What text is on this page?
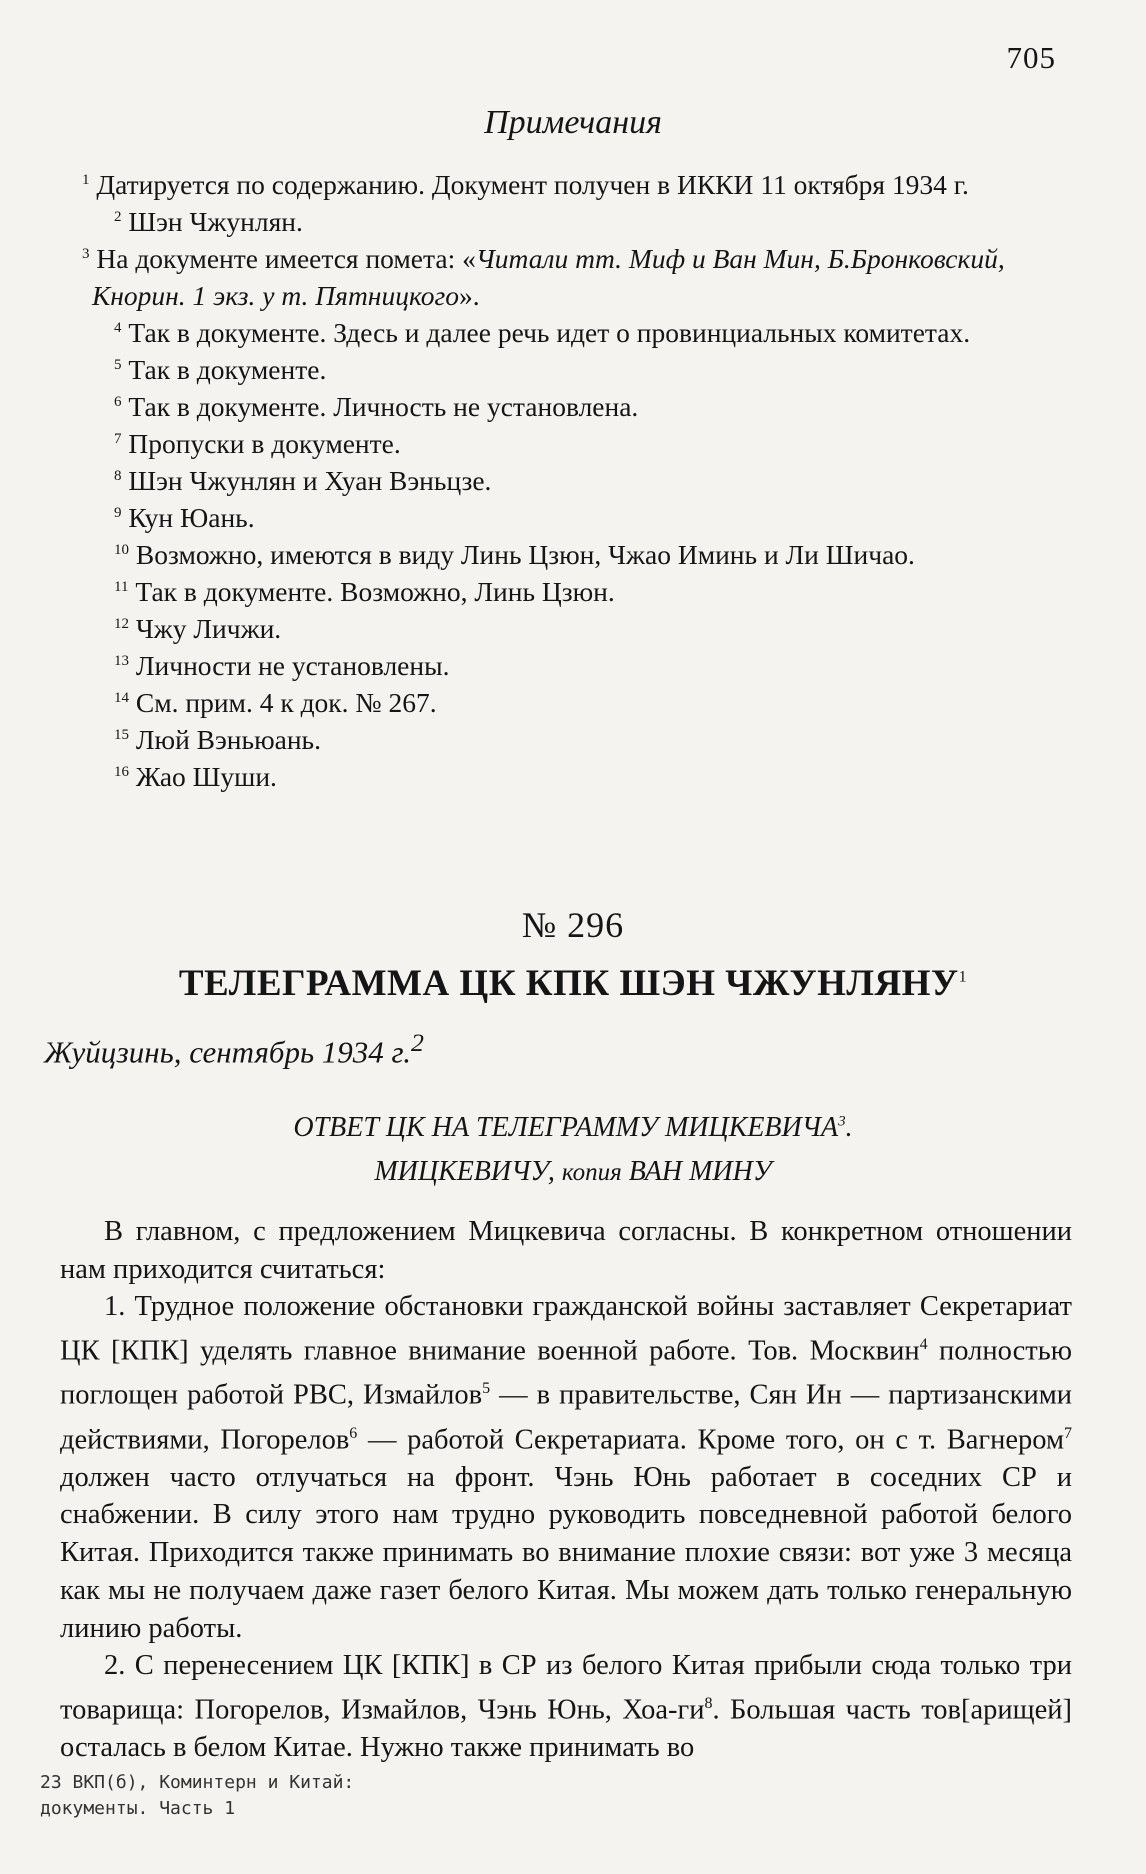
705
Примечания
$^1$ Датируется по содержанию. Документ получен в ИККИ 11 октября 1934 г.
$^2$ Шэн Чжунлян.
$^3$ На документе имеется помета: «Читали тт. Миф и Ван Мин, Б.Бронковский, Кнорин. 1 экз. у т. Пятницкого».
$^4$ Так в документе. Здесь и далее речь идет о провинциальных комитетах.
$^5$ Так в документе.
$^6$ Так в документе. Личность не установлена.
$^7$ Пропуски в документе.
$^8$ Шэн Чжунлян и Хуан Вэньцзе.
$^9$ Кун Юань.
$^{10}$ Возможно, имеются в виду Линь Цзюн, Чжао Иминь и Ли Шичао.
$^{11}$ Так в документе. Возможно, Линь Цзюн.
$^{12}$ Чжу Личжи.
$^{13}$ Личности не установлены.
$^{14}$ См. прим. 4 к док. № 267.
$^{15}$ Люй Вэньюань.
$^{16}$ Жао Шуши.
№ 296
ТЕЛЕГРАММА ЦК КПК ШЭН ЧЖУНЛЯНУ$^1$
Жуйцзинь, сентябрь 1934 г.$^2$
ОТВЕТ ЦК НА ТЕЛЕГРАММУ МИЦКЕВИЧА$^3$.
МИЦКЕВИЧУ, копия ВАН МИНУ

В главном, с предложением Мицкевича согласны. В конкретном отношении нам приходится считаться:

1. Трудное положение обстановки гражданской войны заставляет Секретариат ЦК [КПК] уделять главное внимание военной работе. Тов. Москвин$^4$ полностью поглощен работой РВС, Измайлов$^5$ — в правительстве, Сян Ин — партизанскими действиями, Погорелов$^6$ — работой Секретариата. Кроме того, он с т. Вагнером$^7$ должен часто отлучаться на фронт. Чэнь Юнь работает в соседних СР и снабжении. В силу этого нам трудно руководить повседневной работой белого Китая. Приходится также принимать во внимание плохие связи: вот уже 3 месяца как мы не получаем даже газет белого Китая. Мы можем дать только генеральную линию работы.

2. С перенесением ЦК [КПК] в СР из белого Китая прибыли сюда только три товарища: Погорелов, Измайлов, Чэнь Юнь, Хоа-$ги^8$. Большая часть тов[арищей] осталась в белом Китае. Нужно также принимать во

23 ВКП(б), Коминтерн и Китай:
документы. Часть 1
